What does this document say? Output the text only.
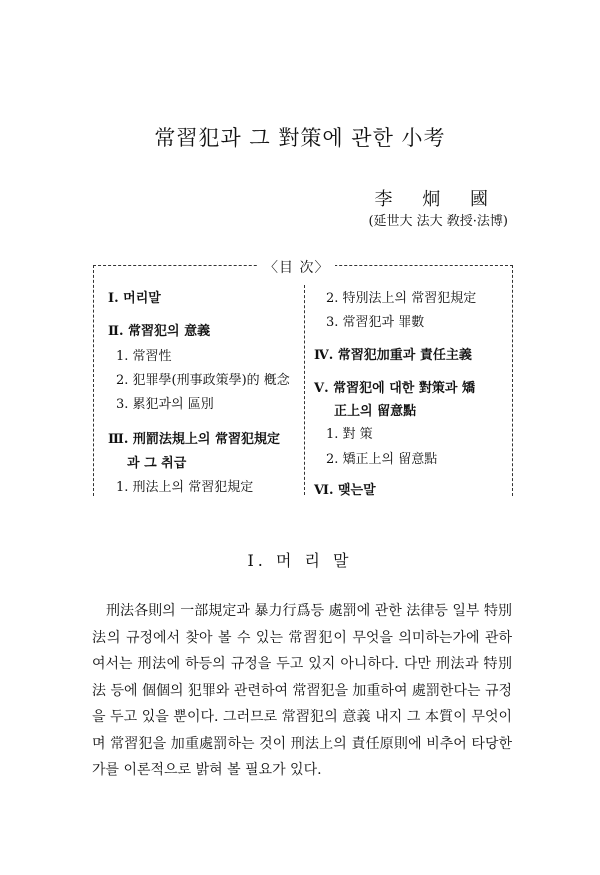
常習犯과 그 對策에 관한 小考
李 炯 國
(延世大 法大 敎授·法博)
〈目 次〉
Ⅰ. 머리말
Ⅱ. 常習犯의 意義
1. 常習性
2. 犯罪學(刑事政策學)的 槪念
3. 累犯과의 區別
Ⅲ. 刑罰法規上의 常習犯規定
과 그 취급
1. 刑法上의 常習犯規定
2. 特別法上의 常習犯規定
3. 常習犯과 罪數
Ⅳ. 常習犯加重과 責任主義
Ⅴ. 常習犯에 대한 對策과 矯
正上의 留意點
1. 對 策
2. 矯正上의 留意點
Ⅵ. 맺는말
Ⅰ. 머 리 말
刑法各則의 一部規定과 暴力行爲등 處罰에 관한 法律등 일부 特別法의 규정에서 찾아 볼 수 있는 常習犯이 무엇을 의미하는가에 관하여서는 刑法에 하등의 규정을 두고 있지 아니하다. 다만 刑法과 特別法 등에 個個의 犯罪와 관련하여 常習犯을 加重하여 處罰한다는 규정을 두고 있을 뿐이다. 그러므로 常習犯의 意義 내지 그 本質이 무엇이며 常習犯을 加重處罰하는 것이 刑法上의 責任原則에 비추어 타당한가를 이론적으로 밝혀 볼 필요가 있다.
